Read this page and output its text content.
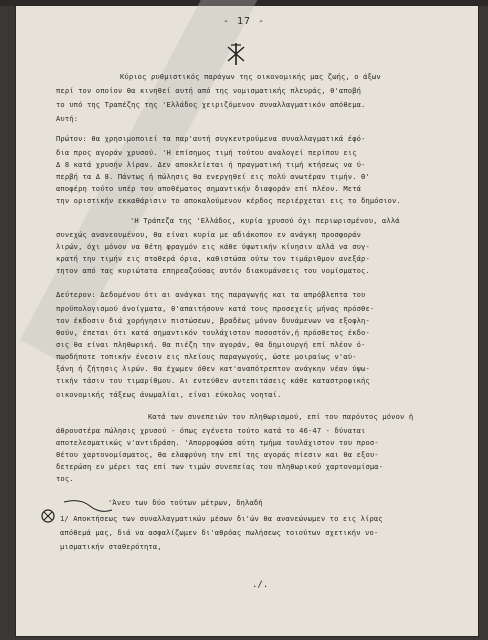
- 17 -
Κύριος ρυθμιστικός παράγων της οικονομικής μας ζωής, ο άξων
περί τον οποίον θα κινηθεί αυτή από της νομισματικής πλευράς, θ'αποβή
το υπό της Τραπέζης της 'Ελλάδος χειριζόμενον συναλλαγματικόν απόθεμα.
Αυτή:
Πρώτον: θα χρησιμοποιεί τα παρ'αυτή συγκεντρούμενα συναλλαγματικά έφό-
δια προς αγοράν χρυσού. 'Η επίσημος τιμή τούτου αναλογεί περίπου εις
Δ 8 κατά χρυσήν λίραν. Δεν αποκλείεται ή πραγματική τιμή κτήσεως να ύ-
περβή τα Δ 8. Πάντως ή πώλησις θα ενεργηθεί εις πολύ ανωτέραν τιμήν. Θ'
αποφέρη τούτο υπέρ του αποθέματος σημαντικήν διαφοράν επί πλέον. Μετά
την οριστικήν εκκαθάρισιν το αποκαλούμενον κέρδος περιέρχεται εις το δημόσιον.
'Η Τράπεζα της 'Ελλάδος, κυρία χρυσού όχι περιωρισμένου, αλλά
συνεχώς ανανεουμένου, θα είναι κυρία με αδιάκοπον εν ανάγκη προσφοράν
λιρών, όχι μόνον να θέτη φραγμόν εις κάθε ύψωτικήν κίνησιν αλλά να συγ-
κρατή την τιμήν εις σταθερά όρια, καθιστώσα ούτω τον τιμάριθμον ανεξάρ-
τητον από τας κυριώτατα επηρεαζούσας αυτόν διακυμάνσεις του νομίσματος.
Δεύτερον: Δεδομένου ότι αι ανάγκαι της παραγωγής και τα απρόβλεπτα του
προϋπολογισμού άνοίγματα, θ'απαιτήσουν κατά τους προσεχείς μήνας πρόσθε-
τον έκδοσιν διά χορήγησιν πιστώσεων, βραδέως μόνον δυνάμενων να εξοφλη-
θούν, έπεται ότι κατά σημαντικόν τουλάχιστον ποσοστόν,ή πρόσθετος έκδο-
σις θα είναι πληθωρική. Θα πιέζη την αγοράν, θα δημιουργή επί πλέον ό-
πωσδήποτε τοπικήν ένεσιν εις πλείους παραγωγούς, ώστε μοιραίως ν'αύ-
ξάνη ή ζήτησις λιρών. Θα έχωμεν όθεν κατ'αναπότρεπτον ανάγκην νέαν ύψω-
τικήν τάσιν του τιμαρίθμου. Αι εντεύθεν αντεπιτάσεις κάθε καταστροφικής
οικονομικής τάξεως άνωμαλίαι, είναι εύκολος νοηταί.
Κατά των συνεπειών του πληθωρισμού, επί του παρόντος μόνον ή
άθρουστέρα πώλησις χρυσού - όπως εγένετο τούτο κατά το 46-47 - δύναται
αποτελεσματικώς ν'αντιδράση. 'Απορροφώσα αύτη τμήμα τουλάχιστον του προσ-
θέτου χαρτονομίσματος, θα ελαφρύνη την επί της αγοράς πίεσιν και θα εξου-
δετερώση εν μέρει τας επί των τιμών συνεπείας του πληθωρικού χαρτονομίσμα-
τος.
'Άνευ των δύο τούτων μέτρων, δηλαδή
1/ Αποκτήσεως των συναλλαγματικών μέσων δι'ών θα ανανεώνωμεν το εις λίρας
απόθεμά μας, διά να ασφαλίζωμεν δι'αθρόας πωλήσεως τοιούτων σχετικήν νο-
μισματικήν σταθερότητα,
./.
